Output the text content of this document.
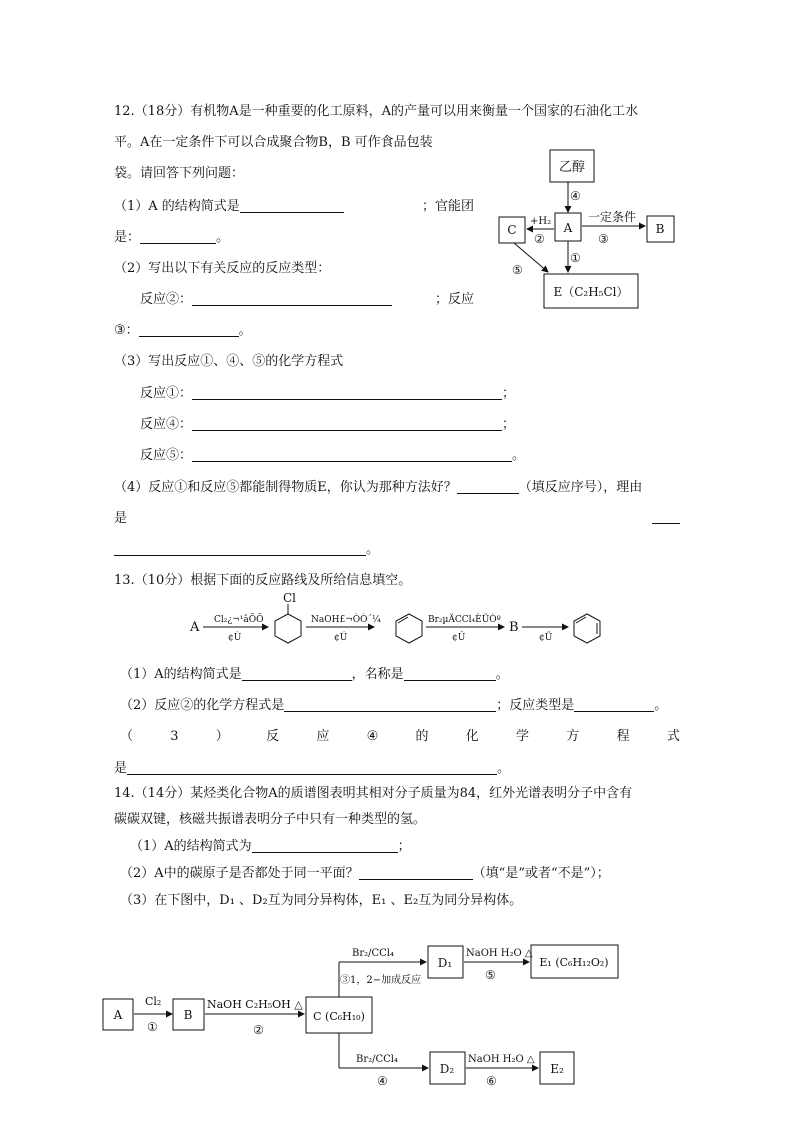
12.（18分）有机物A是一种重要的化工原料，A的产量可以用来衡量一个国家的石油化工水
平。A在一定条件下可以合成聚合物B，B 可作食品包装
袋。请回答下列问题：
（1）A 的结构简式是	；官能团
是：	。
（2）写出以下有关反应的反应类型：
反应②：	；反应
③：	。
（3）写出反应①、④、⑤的化学方程式
反应①：	；
反应④：	；
反应⑤：	。
（4）反应①和反应⑤都能制得物质E，你认为那种方法好？	（填反应序号），理由
是
。
乙醇
④
A
C
+H₂
②
B
一定条件
③
①
⑤
E（C₂H₅Cl）
13.（10分）根据下面的反应路线及所给信息填空。
A Cl₂¿¬¹âÕÕ
¢Ù
Cl
NaOH£¬ÒÒ´¼
¢Ú
Br₂µÄCCl₄ÈÜÒº
¢Û
B
¢Ü
（1）A的结构简式是	，名称是	。
（2）反应②的化学方程式是	；反应类型是	。
（	3	）	反	应	④	的	化	学	方	程	式
是	。
14.（14分）某烃类化合物A的质谱图表明其相对分子质量为84，红外光谱表明分子中含有
碳碳双键，核磁共振谱表明分子中只有一种类型的氢。
（1）A的结构简式为	；
（2）A中的碳原子是否都处于同一平面？	（填“是”或者“不是”）；
（3）在下图中，D₁ 、D₂互为同分异构体，E₁ 、E₂互为同分异构体。
A
Cl₂
①
B
NaOH C₂H₅OH △
②
C (C₆H₁₀)
Br₂/CCl₄
③1，2−加成反应
D₁
NaOH H₂O △
⑤
E₁ (C₆H₁₂O₂)
Br₂/CCl₄
④
D₂
NaOH H₂O △
⑥
E₂
